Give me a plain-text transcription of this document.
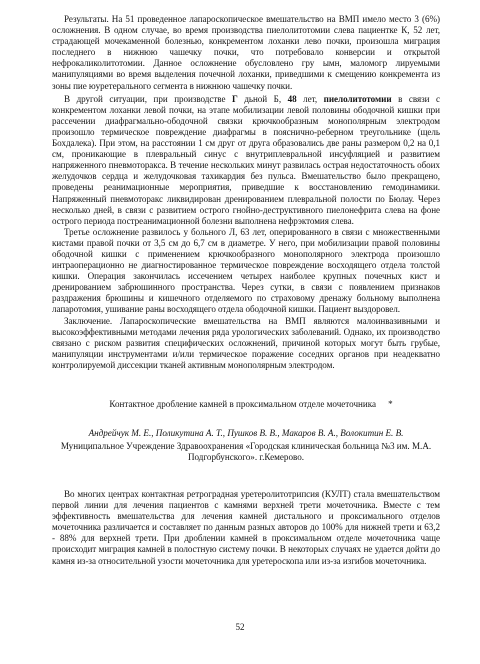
Результаты. На 51 проведенное лапароскопическое вмешательство на ВМП имело место 3 (6%) осложнения. В одном случае, во время производства пиелолитотомии слева пациентке К, 52 лет, страдающей мочекаменной болезнью, конкрементом лоханки лево почки, произошла миграция последнего в нижнюю чашечку почки, что потребовало конверсии и открытой нефрокаликолитотомии. Данное осложнение обусловлено гру ымн, маломогр лируемыми манипуляциями во время выделения почечной лоханки, приведшими к смещению конкремента из зоны пие юуретерального сегмента в нижнюю чашечку почки.

В другой ситуации, при производстве Г дьной Б, 48 лет, пиелолитотомии в связи с конкрементом лоханки левой почки, на этапе мобилизации левой половины ободочной кишки при рассечении диафрагмально-ободочной связки крючкообразным монополярным электродом произошло термическое повреждение диафрагмы в пояснично-реберном треугольнике (щель Бохдалека). При этом, на расстоянии 1 см друг от друга образовались две раны размером 0,2 на 0,1 см, проникающие в плевральный синус с внутриплевральной инсуфляцией и развитием напряженного пневмоторакса. В течение нескольких минут развилась острая недостаточность обоих желудочков сердца и желудочковая тахикардия без пульса. Вмешательство было прекращено, проведены реанимационные мероприятия, приведшие к восстановлению гемодинамики. Напряженный пневмоторакс ликвидирован дренированием плевральной полости по Бюлау. Через несколько дней, в связи с развитием острого гнойно-деструктивного пиелонефрита слева на фоне острого периода постреанимационной болезни выполнена нефрэктомия слева.

Третье осложнение развилось у больного Л, 63 лет, оперированного в связи с множественными кистами правой почки от 3,5 см до 6,7 см в диаметре. У него, при мобилизации правой половины ободочной кишки с применением крючкообразного монополярного электрода произошло интраоперационно не диагностированное термическое повреждение восходящего отдела толстой кишки. Операция закончилась иссечением четырех наиболее крупных почечных кист и дренированием забрюшинного пространства. Через сутки, в связи с появлением признаков раздражения брюшины и кишечного отделяемого по страховому дренажу больному выполнена лапаротомия, ушивание раны восходящего отдела ободочной кишки. Пациент выздоровел.

Заключение. Лапароскопические вмешательства на ВМП являются малоинвазивными и высокоэффективными методами лечения ряда урологических заболеваний. Однако, их производство связано с риском развития специфических осложнений, причиной которых могут быть грубые, манипуляции инструментами и/или термическое поражение соседних органов при неадекватно контролируемой диссекции тканей активным монополярным электродом.

Контактное дробление камней в проксимальном отделе мочеточника *

Андрейчук М. Е., Поликутина А. Т., Пушков В. В., Макаров В. А., Волокитин Е. В.

Муниципальное Учреждение Здравоохранения «Городская клиническая больница №3 им. М.А. Подгорбунского». г.Кемерово.

Во многих центрах контактная ретроградная уретеролитотрипсия (КУЛТ) стала вмешательством первой линии для лечения пациентов с камнями верхней трети мочеточника. Вместе с тем эффективность вмешательства для лечения камней дистального и проксимального отделов мочеточника различается и составляет по данным разных авторов до 100% для нижней трети и 63,2 - 88% для верхней трети. При дроблении камней в проксимальном отделе мочеточника чаще происходит миграция камней в полостную систему почки. В некоторых случаях не удается дойти до камня из-за относительной узости мочеточника для уретероскопа или из-за изгибов мочеточника.

52
